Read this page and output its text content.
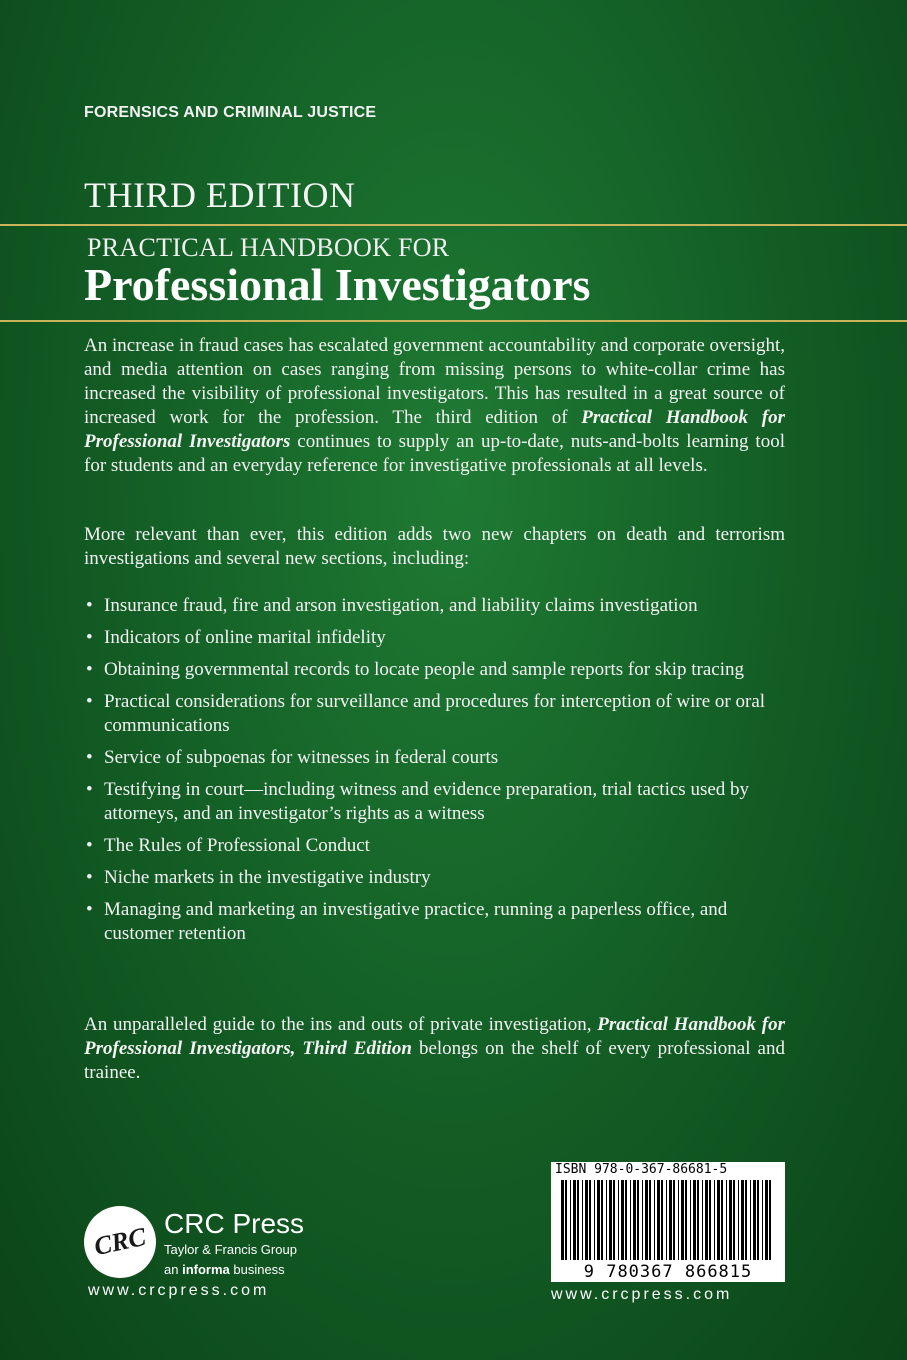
FORENSICS AND CRIMINAL JUSTICE
THIRD EDITION
PRACTICAL HANDBOOK FOR
Professional Investigators

An increase in fraud cases has escalated government accountability and corporate oversight, and media attention on cases ranging from missing persons to white-collar crime has increased the visibility of professional investigators. This has resulted in a great source of increased work for the profession. The third edition of Practical Handbook for Professional Investigators continues to supply an up-to-date, nuts-and-bolts learning tool for students and an everyday reference for investigative professionals at all levels.

More relevant than ever, this edition adds two new chapters on death and terrorism investigations and several new sections, including:

• Insurance fraud, fire and arson investigation, and liability claims investigation
• Indicators of online marital infidelity
• Obtaining governmental records to locate people and sample reports for skip tracing
• Practical considerations for surveillance and procedures for interception of wire or oral communications
• Service of subpoenas for witnesses in federal courts
• Testifying in court—including witness and evidence preparation, trial tactics used by attorneys, and an investigator’s rights as a witness
• The Rules of Professional Conduct
• Niche markets in the investigative industry
• Managing and marketing an investigative practice, running a paperless office, and customer retention

An unparalleled guide to the ins and outs of private investigation, Practical Handbook for Professional Investigators, Third Edition belongs on the shelf of every professional and trainee.

CRC CRC Press
Taylor & Francis Group
an informa business
www.crcpress.com
ISBN 978-0-367-86681-5
9 780367 866815
www.crcpress.com
